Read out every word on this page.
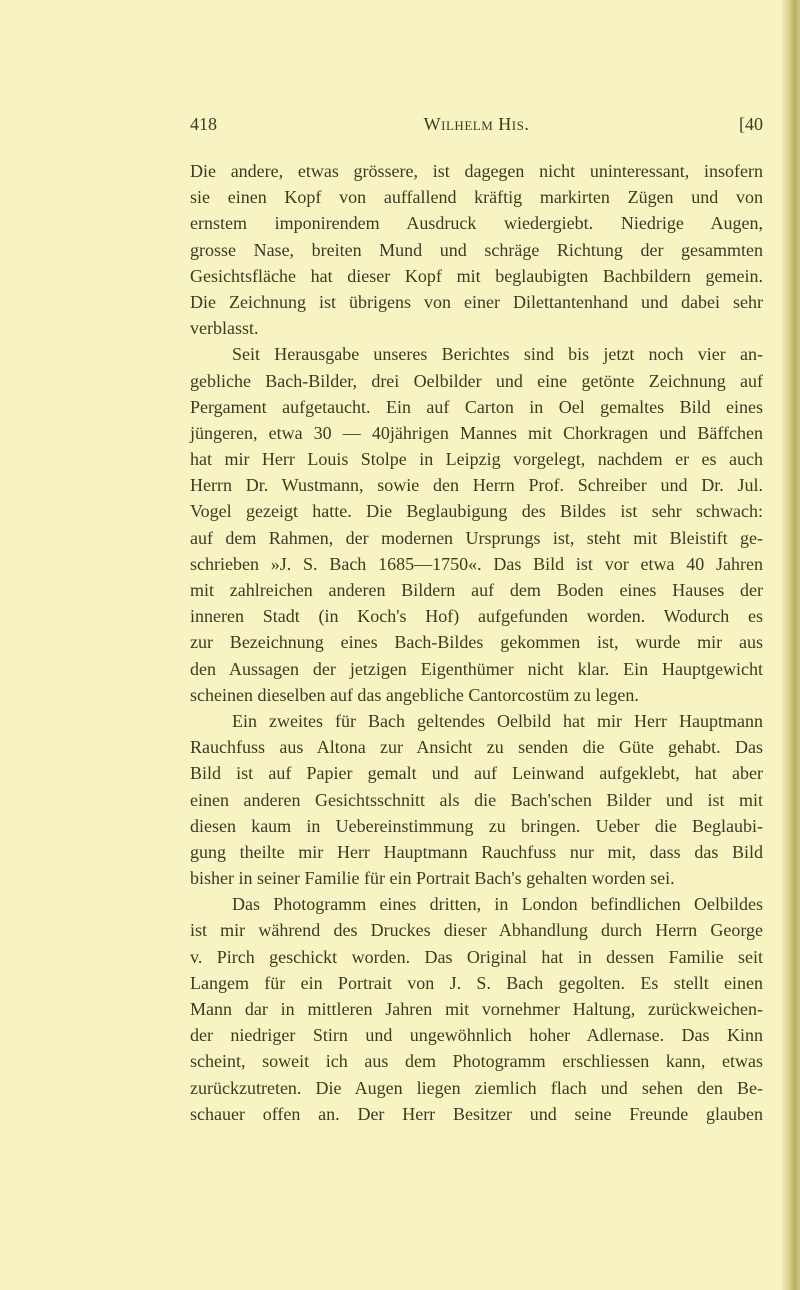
418	Wilhelm His.	[40
Die andere, etwas grössere, ist dagegen nicht uninteressant, insofern
sie einen Kopf von auffallend kräftig markirten Zügen und von
ernstem imponirendem Ausdruck wiedergiebt. Niedrige Augen,
grosse Nase, breiten Mund und schräge Richtung der gesammten
Gesichtsfläche hat dieser Kopf mit beglaubigten Bachbildern gemein.
Die Zeichnung ist übrigens von einer Dilettantenhand und dabei sehr
verblasst.
Seit Herausgabe unseres Berichtes sind bis jetzt noch vier an-
gebliche Bach-Bilder, drei Oelbilder und eine getönte Zeichnung auf
Pergament aufgetaucht. Ein auf Carton in Oel gemaltes Bild eines
jüngeren, etwa 30 — 40jährigen Mannes mit Chorkragen und Bäffchen
hat mir Herr Louis Stolpe in Leipzig vorgelegt, nachdem er es auch
Herrn Dr. Wustmann, sowie den Herrn Prof. Schreiber und Dr. Jul.
Vogel gezeigt hatte. Die Beglaubigung des Bildes ist sehr schwach:
auf dem Rahmen, der modernen Ursprungs ist, steht mit Bleistift ge-
schrieben »J. S. Bach 1685—1750«. Das Bild ist vor etwa 40 Jahren
mit zahlreichen anderen Bildern auf dem Boden eines Hauses der
inneren Stadt (in Koch's Hof) aufgefunden worden. Wodurch es
zur Bezeichnung eines Bach-Bildes gekommen ist, wurde mir aus
den Aussagen der jetzigen Eigenthümer nicht klar. Ein Hauptgewicht
scheinen dieselben auf das angebliche Cantorcostüm zu legen.
Ein zweites für Bach geltendes Oelbild hat mir Herr Hauptmann
Rauchfuss aus Altona zur Ansicht zu senden die Güte gehabt. Das
Bild ist auf Papier gemalt und auf Leinwand aufgeklebt, hat aber
einen anderen Gesichtsschnitt als die Bach'schen Bilder und ist mit
diesen kaum in Uebereinstimmung zu bringen. Ueber die Beglaubi-
gung theilte mir Herr Hauptmann Rauchfuss nur mit, dass das Bild
bisher in seiner Familie für ein Portrait Bach's gehalten worden sei.
Das Photogramm eines dritten, in London befindlichen Oelbildes
ist mir während des Druckes dieser Abhandlung durch Herrn George
v. Pirch geschickt worden. Das Original hat in dessen Familie seit
Langem für ein Portrait von J. S. Bach gegolten. Es stellt einen
Mann dar in mittleren Jahren mit vornehmer Haltung, zurückweichen-
der niedriger Stirn und ungewöhnlich hoher Adlernase. Das Kinn
scheint, soweit ich aus dem Photogramm erschliessen kann, etwas
zurückzutreten. Die Augen liegen ziemlich flach und sehen den Be-
schauer offen an. Der Herr Besitzer und seine Freunde glauben
